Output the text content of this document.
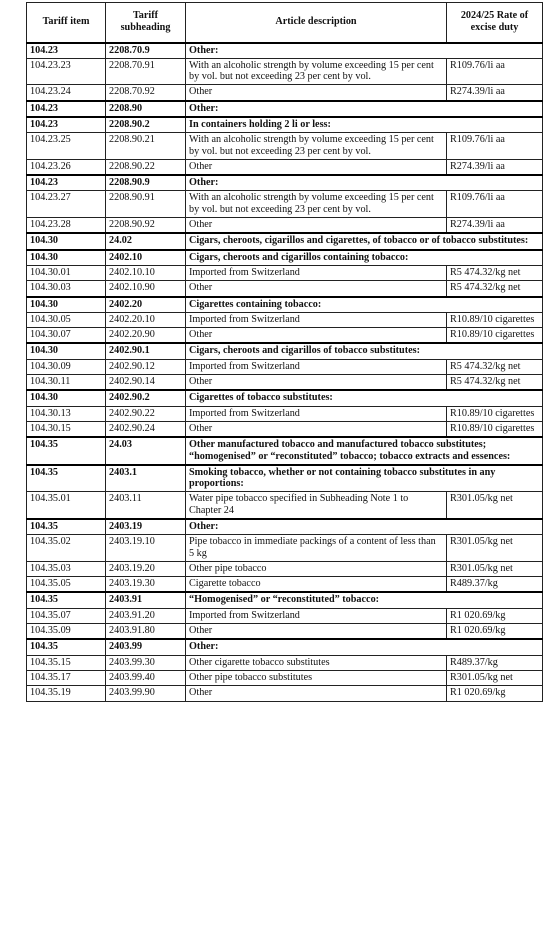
Tariff item	Tariff subheading	Article description	2024/25 Rate of excise duty
104.23	2208.70.9	Other:	
104.23.23	2208.70.91	With an alcoholic strength by volume exceeding 15 per cent by vol. but not exceeding 23 per cent by vol.	R109.76/li aa
104.23.24	2208.70.92	Other	R274.39/li aa
104.23	2208.90	Other:	
104.23	2208.90.2	In containers holding 2 li or less:	
104.23.25	2208.90.21	With an alcoholic strength by volume exceeding 15 per cent by vol. but not exceeding 23 per cent by vol.	R109.76/li aa
104.23.26	2208.90.22	Other	R274.39/li aa
104.23	2208.90.9	Other:	
104.23.27	2208.90.91	With an alcoholic strength by volume exceeding 15 per cent by vol. but not exceeding 23 per cent by vol.	R109.76/li aa
104.23.28	2208.90.92	Other	R274.39/li aa
104.30	24.02	Cigars, cheroots, cigarillos and cigarettes, of tobacco or of tobacco substitutes:	
104.30	2402.10	Cigars, cheroots and cigarillos containing tobacco:	
104.30.01	2402.10.10	Imported from Switzerland	R5 474.32/kg net
104.30.03	2402.10.90	Other	R5 474.32/kg net
104.30	2402.20	Cigarettes containing tobacco:	
104.30.05	2402.20.10	Imported from Switzerland	R10.89/10 cigarettes
104.30.07	2402.20.90	Other	R10.89/10 cigarettes
104.30	2402.90.1	Cigars, cheroots and cigarillos of tobacco substitutes:	
104.30.09	2402.90.12	Imported from Switzerland	R5 474.32/kg net
104.30.11	2402.90.14	Other	R5 474.32/kg net
104.30	2402.90.2	Cigarettes of tobacco substitutes:	
104.30.13	2402.90.22	Imported from Switzerland	R10.89/10 cigarettes
104.30.15	2402.90.24	Other	R10.89/10 cigarettes
104.35	24.03	Other manufactured tobacco and manufactured tobacco substitutes; “homogenised” or “reconstituted” tobacco; tobacco extracts and essences:	
104.35	2403.1	Smoking tobacco, whether or not containing tobacco substitutes in any proportions:	
104.35.01	2403.11	Water pipe tobacco specified in Subheading Note 1 to Chapter 24	R301.05/kg net
104.35	2403.19	Other:	
104.35.02	2403.19.10	Pipe tobacco in immediate packings of a content of less than 5 kg	R301.05/kg net
104.35.03	2403.19.20	Other pipe tobacco	R301.05/kg net
104.35.05	2403.19.30	Cigarette tobacco	R489.37/kg
104.35	2403.91	“Homogenised” or “reconstituted” tobacco:	
104.35.07	2403.91.20	Imported from Switzerland	R1 020.69/kg
104.35.09	2403.91.80	Other	R1 020.69/kg
104.35	2403.99	Other:	
104.35.15	2403.99.30	Other cigarette tobacco substitutes	R489.37/kg
104.35.17	2403.99.40	Other pipe tobacco substitutes	R301.05/kg net
104.35.19	2403.99.90	Other	R1 020.69/kg
